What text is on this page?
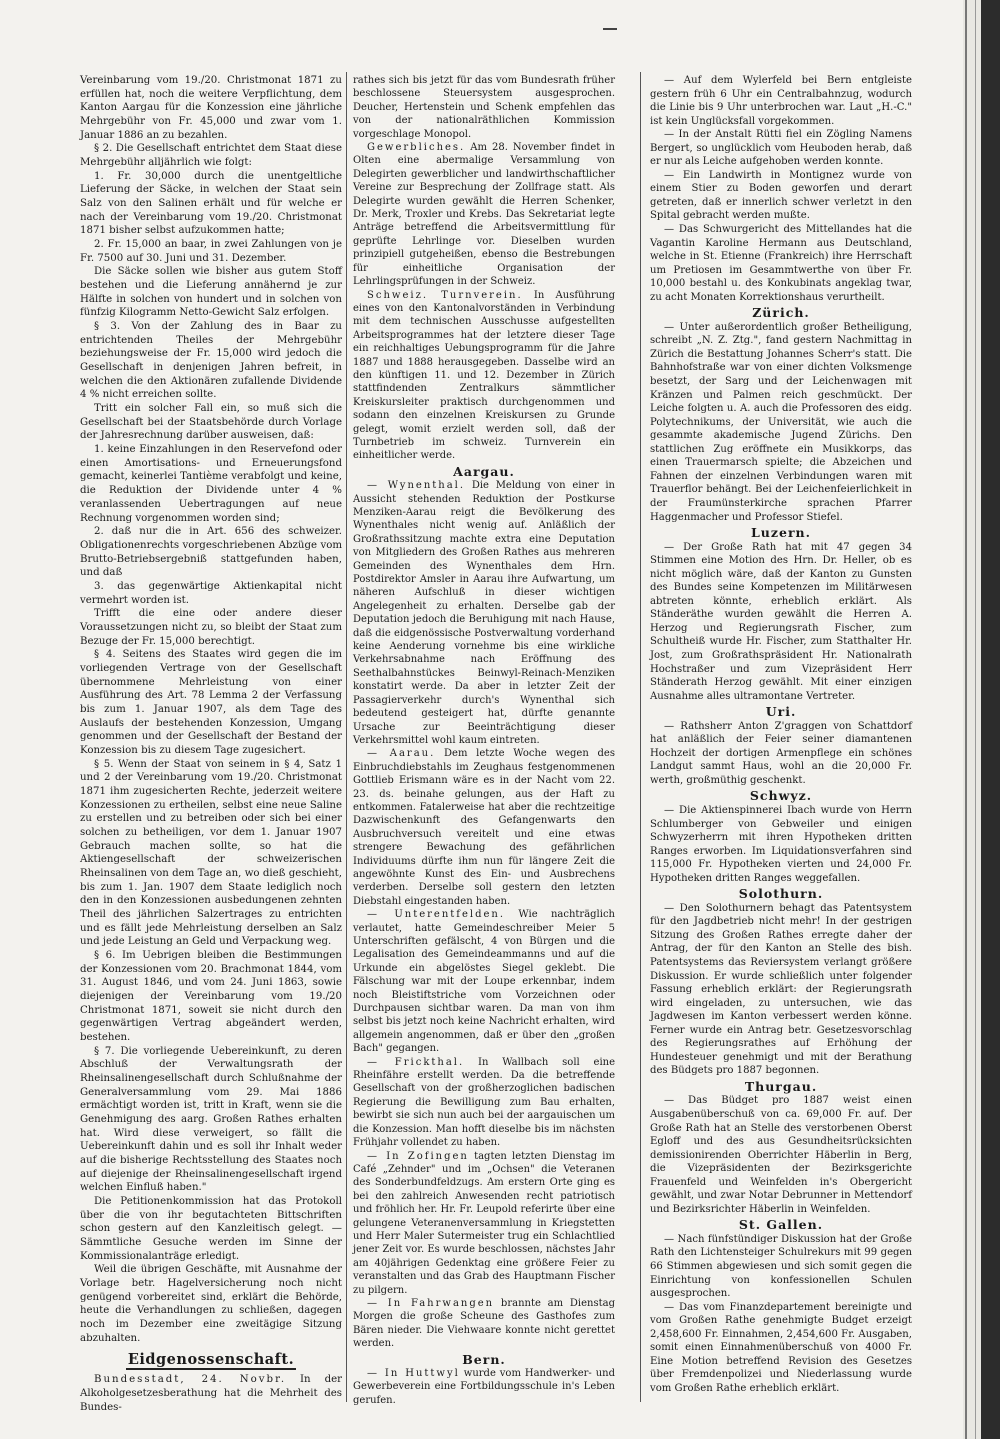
Vereinbarung vom 19./20. Christmonat 1871 zu erfüllen hat, noch die weitere Verpflichtung, dem Kanton Aargau für die Konzession eine jährliche Mehrgebühr von Fr. 45,000 und zwar vom 1. Januar 1886 an zu bezahlen.

§ 2. Die Gesellschaft entrichtet dem Staat diese Mehrgebühr alljährlich wie folgt:

1. Fr. 30,000 durch die unentgeltliche Lieferung der Säcke, in welchen der Staat sein Salz von den Salinen erhält und für welche er nach der Vereinbarung vom 19./20. Christmonat 1871 bisher selbst aufzukommen hatte;

2. Fr. 15,000 an baar, in zwei Zahlungen von je Fr. 7500 auf 30. Juni und 31. Dezember.

Die Säcke sollen wie bisher aus gutem Stoff bestehen und die Lieferung annähernd je zur Hälfte in solchen von hundert und in solchen von fünfzig Kilogramm Netto-Gewicht Salz erfolgen.

§ 3. Von der Zahlung des in Baar zu entrichtenden Theiles der Mehrgebühr beziehungsweise der Fr. 15,000 wird jedoch die Gesellschaft in denjenigen Jahren befreit, in welchen die den Aktionären zufallende Dividende 4 % nicht erreichen sollte.

Tritt ein solcher Fall ein, so muß sich die Gesellschaft bei der Staatsbehörde durch Vorlage der Jahresrechnung darüber ausweisen, daß:

1. keine Einzahlungen in den Reservefond oder einen Amortisations- und Erneuerungsfond gemacht, keinerlei Tantième verabfolgt und keine, die Reduktion der Dividende unter 4 % veranlassenden Uebertragungen auf neue Rechnung vorgenommen worden sind;

2. daß nur die in Art. 656 des schweizer. Obligationenrechts vorgeschriebenen Abzüge vom Brutto-Betriebsergebniß stattgefunden haben, und daß

3. das gegenwärtige Aktienkapital nicht vermehrt worden ist.

Trifft die eine oder andere dieser Voraussetzungen nicht zu, so bleibt der Staat zum Bezuge der Fr. 15,000 berechtigt.

§ 4. Seitens des Staates wird gegen die im vorliegenden Vertrage von der Gesellschaft übernommene Mehrleistung von einer Ausführung des Art. 78 Lemma 2 der Verfassung bis zum 1. Januar 1907, als dem Tage des Auslaufs der bestehenden Konzession, Umgang genommen und der Gesellschaft der Bestand der Konzession bis zu diesem Tage zugesichert.

§ 5. Wenn der Staat von seinem in § 4, Satz 1 und 2 der Vereinbarung vom 19./20. Christmonat 1871 ihm zugesicherten Rechte, jederzeit weitere Konzessionen zu ertheilen, selbst eine neue Saline zu erstellen und zu betreiben oder sich bei einer solchen zu betheiligen, vor dem 1. Januar 1907 Gebrauch machen sollte, so hat die Aktiengesellschaft der schweizerischen Rheinsalinen von dem Tage an, wo dieß geschieht, bis zum 1. Jan. 1907 dem Staate lediglich noch den in den Konzessionen ausbedungenen zehnten Theil des jährlichen Salzertrages zu entrichten und es fällt jede Mehrleistung derselben an Salz und jede Leistung an Geld und Verpackung weg.

§ 6. Im Uebrigen bleiben die Bestimmungen der Konzessionen vom 20. Brachmonat 1844, vom 31. August 1846, und vom 24. Juni 1863, sowie diejenigen der Vereinbarung vom 19./20 Christmonat 1871, soweit sie nicht durch den gegenwärtigen Vertrag abgeändert werden, bestehen.

§ 7. Die vorliegende Uebereinkunft, zu deren Abschluß der Verwaltungsrath der Rheinsalinengesellschaft durch Schlußnahme der Generalversammlung vom 29. Mai 1886 ermächtigt worden ist, tritt in Kraft, wenn sie die Genehmigung des aarg. Großen Rathes erhalten hat. Wird diese verweigert, so fällt die Uebereinkunft dahin und es soll ihr Inhalt weder auf die bisherige Rechtsstellung des Staates noch auf diejenige der Rheinsalinengesellschaft irgend welchen Einfluß haben."

Die Petitionenkommission hat das Protokoll über die von ihr begutachteten Bittschriften schon gestern auf den Kanzleitisch gelegt. — Sämmtliche Gesuche werden im Sinne der Kommissionalanträge erledigt.

Weil die übrigen Geschäfte, mit Ausnahme der Vorlage betr. Hagelversicherung noch nicht genügend vorbereitet sind, erklärt die Behörde, heute die Verhandlungen zu schließen, dagegen noch im Dezember eine zweitägige Sitzung abzuhalten.

Eidgenossenschaft.

Bundesstadt, 24. Novbr. In der Alkoholgesetzesberathung hat die Mehrheit des Bundes-

rathes sich bis jetzt für das vom Bundesrath früher beschlossene Steuersystem ausgesprochen. Deucher, Hertenstein und Schenk empfehlen das von der nationalräthlichen Kommission vorgeschlage Monopol.

Gewerbliches. Am 28. November findet in Olten eine abermalige Versammlung von Delegirten gewerblicher und landwirthschaftlicher Vereine zur Besprechung der Zollfrage statt. Als Delegirte wurden gewählt die Herren Schenker, Dr. Merk, Troxler und Krebs. Das Sekretariat legte Anträge betreffend die Arbeitsvermittlung für geprüfte Lehrlinge vor. Dieselben wurden prinzipiell gutgeheißen, ebenso die Bestrebungen für einheitliche Organisation der Lehrlingsprüfungen in der Schweiz.

Schweiz. Turnverein. In Ausführung eines von den Kantonalvorständen in Verbindung mit dem technischen Ausschusse aufgestellten Arbeitsprogrammes hat der letztere dieser Tage ein reichhaltiges Uebungsprogramm für die Jahre 1887 und 1888 herausgegeben. Dasselbe wird an den künftigen 11. und 12. Dezember in Zürich stattfindenden Zentralkurs sämmtlicher Kreiskursleiter praktisch durchgenommen und sodann den einzelnen Kreiskursen zu Grunde gelegt, womit erzielt werden soll, daß der Turnbetrieb im schweiz. Turnverein ein einheitlicher werde.

Aargau.

— Wynenthal. Die Meldung von einer in Aussicht stehenden Reduktion der Postkurse Menziken-Aarau reigt die Bevölkerung des Wynenthales nicht wenig auf. Anläßlich der Großrathssitzung machte extra eine Deputation von Mitgliedern des Großen Rathes aus mehreren Gemeinden des Wynenthales dem Hrn. Postdirektor Amsler in Aarau ihre Aufwartung, um näheren Aufschluß in dieser wichtigen Angelegenheit zu erhalten. Derselbe gab der Deputation jedoch die Beruhigung mit nach Hause, daß die eidgenössische Postverwaltung vorderhand keine Aenderung vornehme bis eine wirkliche Verkehrsabnahme nach Eröffnung des Seethalbahnstückes Beinwyl-Reinach-Menziken konstatirt werde. Da aber in letzter Zeit der Passagierverkehr durch's Wynenthal sich bedeutend gesteigert hat, dürfte genannte Ursache zur Beeinträchtigung dieser Verkehrsmittel wohl kaum eintreten.

— Aarau. Dem letzte Woche wegen des Einbruchdiebstahls im Zeughaus festgenommenen Gottlieb Erismann wäre es in der Nacht vom 22. 23. ds. beinahe gelungen, aus der Haft zu entkommen. Fatalerweise hat aber die rechtzeitige Dazwischenkunft des Gefangenwarts den Ausbruchversuch vereitelt und eine etwas strengere Bewachung des gefährlichen Individuums dürfte ihm nun für längere Zeit die angewöhnte Kunst des Ein- und Ausbrechens verderben. Derselbe soll gestern den letzten Diebstahl eingestanden haben.

— Unterentfelden. Wie nachträglich verlautet, hatte Gemeindeschreiber Meier 5 Unterschriften gefälscht, 4 von Bürgen und die Legalisation des Gemeindeammanns und auf die Urkunde ein abgelöstes Siegel geklebt. Die Fälschung war mit der Loupe erkennbar, indem noch Bleistiftstriche vom Vorzeichnen oder Durchpausen sichtbar waren. Da man von ihm selbst bis jetzt noch keine Nachricht erhalten, wird allgemein angenommen, daß er über den „großen Bach" gegangen.

— Frickthal. In Wallbach soll eine Rheinfähre erstellt werden. Da die betreffende Gesellschaft von der großherzoglichen badischen Regierung die Bewilligung zum Bau erhalten, bewirbt sie sich nun auch bei der aargauischen um die Konzession. Man hofft dieselbe bis im nächsten Frühjahr vollendet zu haben.

— In Zofingen tagten letzten Dienstag im Café „Zehnder" und im „Ochsen" die Veteranen des Sonderbundfeldzugs. Am erstern Orte ging es bei den zahlreich Anwesenden recht patriotisch und fröhlich her. Hr. Fr. Leupold referirte über eine gelungene Veteranenversammlung in Kriegstetten und Herr Maler Sutermeister trug ein Schlachtlied jener Zeit vor. Es wurde beschlossen, nächstes Jahr am 40jährigen Gedenktag eine größere Feier zu veranstalten und das Grab des Hauptmann Fischer zu pilgern.

— In Fahrwangen brannte am Dienstag Morgen die große Scheune des Gasthofes zum Bären nieder. Die Viehwaare konnte nicht gerettet werden.

Bern.

— In Huttwyl wurde vom Handwerker- und Gewerbeverein eine Fortbildungsschule in's Leben gerufen.

— Auf dem Wylerfeld bei Bern entgleiste gestern früh 6 Uhr ein Centralbahnzug, wodurch die Linie bis 9 Uhr unterbrochen war. Laut „H.-C." ist kein Unglücksfall vorgekommen.

— In der Anstalt Rütti fiel ein Zögling Namens Bergert, so unglücklich vom Heuboden herab, daß er nur als Leiche aufgehoben werden konnte.

— Ein Landwirth in Montignez wurde von einem Stier zu Boden geworfen und derart getreten, daß er innerlich schwer verletzt in den Spital gebracht werden mußte.

— Das Schwurgericht des Mittellandes hat die Vagantin Karoline Hermann aus Deutschland, welche in St. Etienne (Frankreich) ihre Herrschaft um Pretiosen im Gesammtwerthe von über Fr. 10,000 bestahl u. des Konkubinats angeklag twar, zu acht Monaten Korrektionshaus verurtheilt.

Zürich.

— Unter außerordentlich großer Betheiligung, schreibt „N. Z. Ztg.", fand gestern Nachmittag in Zürich die Bestattung Johannes Scherr's statt. Die Bahnhofstraße war von einer dichten Volksmenge besetzt, der Sarg und der Leichenwagen mit Kränzen und Palmen reich geschmückt. Der Leiche folgten u. A. auch die Professoren des eidg. Polytechnikums, der Universität, wie auch die gesammte akademische Jugend Zürichs. Den stattlichen Zug eröffnete ein Musikkorps, das einen Trauermarsch spielte; die Abzeichen und Fahnen der einzelnen Verbindungen waren mit Trauerflor behängt. Bei der Leichenfeierlichkeit in der Fraumünsterkirche sprachen Pfarrer Haggenmacher und Professor Stiefel.

Luzern.

— Der Große Rath hat mit 47 gegen 34 Stimmen eine Motion des Hrn. Dr. Heller, ob es nicht möglich wäre, daß der Kanton zu Gunsten des Bundes seine Kompetenzen im Militärwesen abtreten könnte, erheblich erklärt. Als Ständeräthe wurden gewählt die Herren A. Herzog und Regierungsrath Fischer, zum Schultheiß wurde Hr. Fischer, zum Statthalter Hr. Jost, zum Großrathspräsident Hr. Nationalrath Hochstraßer und zum Vizepräsident Herr Ständerath Herzog gewählt. Mit einer einzigen Ausnahme alles ultramontane Vertreter.

Uri.

— Rathsherr Anton Z'graggen von Schattdorf hat anläßlich der Feier seiner diamantenen Hochzeit der dortigen Armenpflege ein schönes Landgut sammt Haus, wohl an die 20,000 Fr. werth, großmüthig geschenkt.

Schwyz.

— Die Aktienspinnerei Ibach wurde von Herrn Schlumberger von Gebweiler und einigen Schwyzerherrn mit ihren Hypotheken dritten Ranges erworben. Im Liquidationsverfahren sind 115,000 Fr. Hypotheken vierten und 24,000 Fr. Hypotheken dritten Ranges weggefallen.

Solothurn.

— Den Solothurnern behagt das Patentsystem für den Jagdbetrieb nicht mehr! In der gestrigen Sitzung des Großen Rathes erregte daher der Antrag, der für den Kanton an Stelle des bish. Patentsystems das Reviersystem verlangt größere Diskussion. Er wurde schließlich unter folgender Fassung erheblich erklärt: der Regierungsrath wird eingeladen, zu untersuchen, wie das Jagdwesen im Kanton verbessert werden könne. Ferner wurde ein Antrag betr. Gesetzesvorschlag des Regierungsrathes auf Erhöhung der Hundesteuer genehmigt und mit der Berathung des Büdgets pro 1887 begonnen.

Thurgau.

— Das Büdget pro 1887 weist einen Ausgabenüberschuß von ca. 69,000 Fr. auf. Der Große Rath hat an Stelle des verstorbenen Oberst Egloff und des aus Gesundheitsrücksichten demissionirenden Oberrichter Häberlin in Berg, die Vizepräsidenten der Bezirksgerichte Frauenfeld und Weinfelden in's Obergericht gewählt, und zwar Notar Debrunner in Mettendorf und Bezirksrichter Häberlin in Weinfelden.

St. Gallen.

— Nach fünfstündiger Diskussion hat der Große Rath den Lichtensteiger Schulrekurs mit 99 gegen 66 Stimmen abgewiesen und sich somit gegen die Einrichtung von konfessionellen Schulen ausgesprochen.

— Das vom Finanzdepartement bereinigte und vom Großen Rathe genehmigte Budget erzeigt 2,458,600 Fr. Einnahmen, 2,454,600 Fr. Ausgaben, somit einen Einnahmenüberschuß von 4000 Fr. Eine Motion betreffend Revision des Gesetzes über Fremdenpolizei und Niederlassung wurde vom Großen Rathe erheblich erklärt.
